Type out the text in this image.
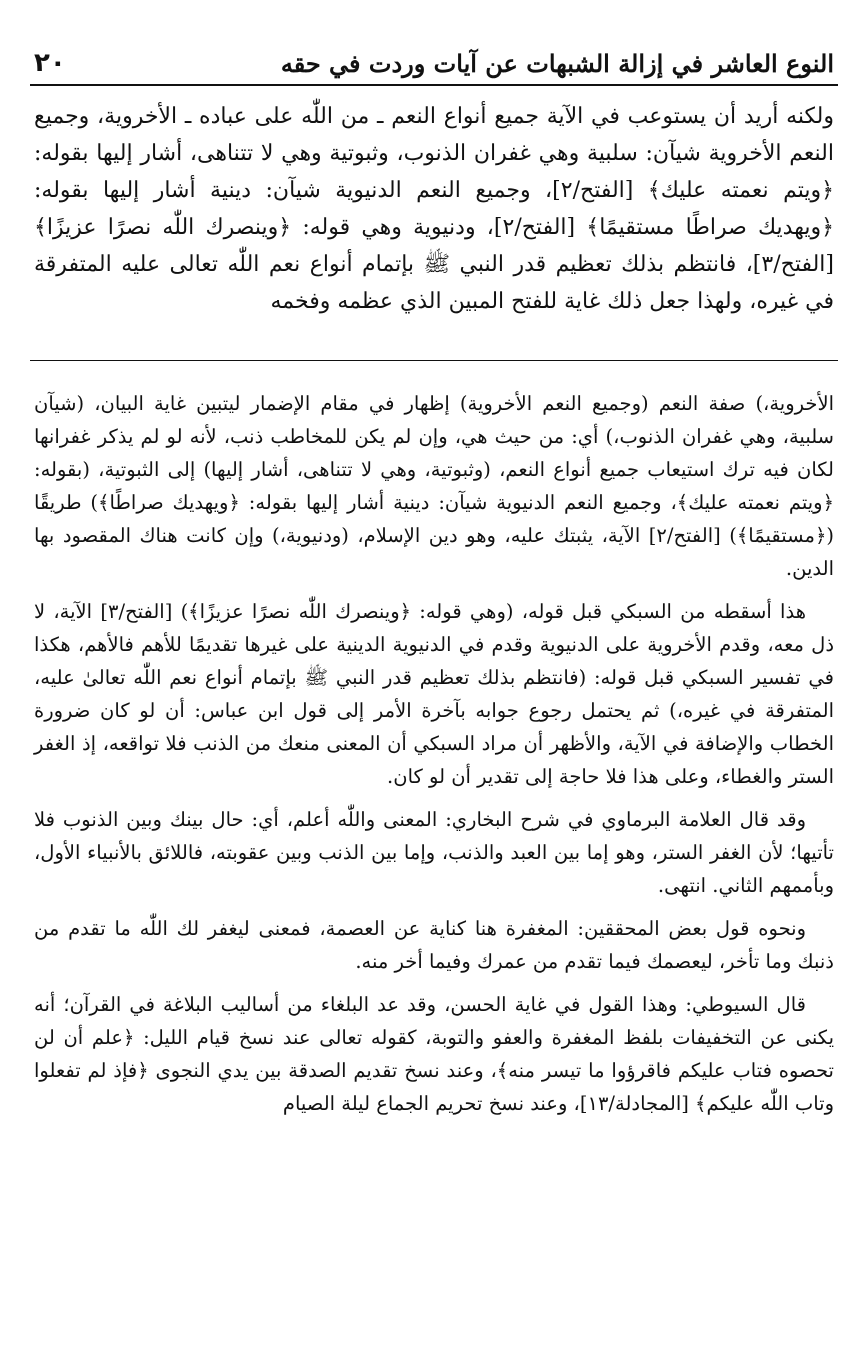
٢٠	النوع العاشر في إزالة الشبهات عن آيات وردت في حقه

ولكنه أريد أن يستوعب في الآية جميع أنواع النعم ـ من اللّٰه على عباده ـ الأخروية، وجميع النعم الأخروية شيآن: سلبية وهي غفران الذنوب، وثبوتية وهي لا تتناهى، أشار إليها بقوله: ﴿ويتم نعمته عليك﴾ [الفتح/٢]، وجميع النعم الدنيوية شيآن: دينية أشار إليها بقوله: ﴿ويهديك صراطًا مستقيمًا﴾ [الفتح/٢]، ودنيوية وهي قوله: ﴿وينصرك اللّٰه نصرًا عزيزًا﴾ [الفتح/٣]، فانتظم بذلك تعظيم قدر النبي ﷺ بإتمام أنواع نعم اللّٰه تعالى عليه المتفرقة في غيره، ولهذا جعل ذلك غاية للفتح المبين الذي عظمه وفخمه

الأخروية،) صفة النعم (وجميع النعم الأخروية) إظهار في مقام الإضمار ليتبين غاية البيان، (شيآن سلبية، وهي غفران الذنوب،) أي: من حيث هي، وإن لم يكن للمخاطب ذنب، لأنه لو لم يذكر غفرانها لكان فيه ترك استيعاب جميع أنواع النعم، (وثبوتية، وهي لا تتناهى، أشار إليها) إلى الثبوتية، (بقوله: ﴿ويتم نعمته عليك﴾، وجميع النعم الدنيوية شيآن: دينية أشار إليها بقوله: ﴿ويهديك صراطًا﴾) طريقًا (﴿مستقيمًا﴾) [الفتح/٢] الآية، يثبتك عليه، وهو دين الإسلام، (ودنيوية،) وإن كانت هناك المقصود بها الدين.

هذا أسقطه من السبكي قبل قوله، (وهي قوله: ﴿وينصرك اللّٰه نصرًا عزيزًا﴾) [الفتح/٣] الآية، لا ذل معه، وقدم الأخروية على الدنيوية وقدم في الدنيوية الدينية على غيرها تقديمًا للأهم فالأهم، هكذا في تفسير السبكي قبل قوله: (فانتظم بذلك تعظيم قدر النبي ﷺ بإتمام أنواع نعم اللّٰه تعالىٰ عليه، المتفرقة في غيره،) ثم يحتمل رجوع جوابه بآخرة الأمر إلى قول ابن عباس: أن لو كان ضرورة الخطاب والإضافة في الآية، والأظهر أن مراد السبكي أن المعنى منعك من الذنب فلا تواقعه، إذ الغفر الستر والغطاء، وعلى هذا فلا حاجة إلى تقدير أن لو كان.

وقد قال العلامة البرماوي في شرح البخاري: المعنى واللّٰه أعلم، أي: حال بينك وبين الذنوب فلا تأتيها؛ لأن الغفر الستر، وهو إما بين العبد والذنب، وإما بين الذنب وبين عقوبته، فاللائق بالأنبياء الأول، وبأممهم الثاني. انتهى.

ونحوه قول بعض المحققين: المغفرة هنا كناية عن العصمة، فمعنى ليغفر لك اللّٰه ما تقدم من ذنبك وما تأخر، ليعصمك فيما تقدم من عمرك وفيما أخر منه.

قال السيوطي: وهذا القول في غاية الحسن، وقد عد البلغاء من أساليب البلاغة في القرآن؛ أنه يكنى عن التخفيفات بلفظ المغفرة والعفو والتوبة، كقوله تعالى عند نسخ قيام الليل: ﴿علم أن لن تحصوه فتاب عليكم فاقرؤوا ما تيسر منه﴾، وعند نسخ تقديم الصدقة بين يدي النجوى ﴿فإذ لم تفعلوا وتاب اللّٰه عليكم﴾ [المجادلة/١٣]، وعند نسخ تحريم الجماع ليلة الصيام
